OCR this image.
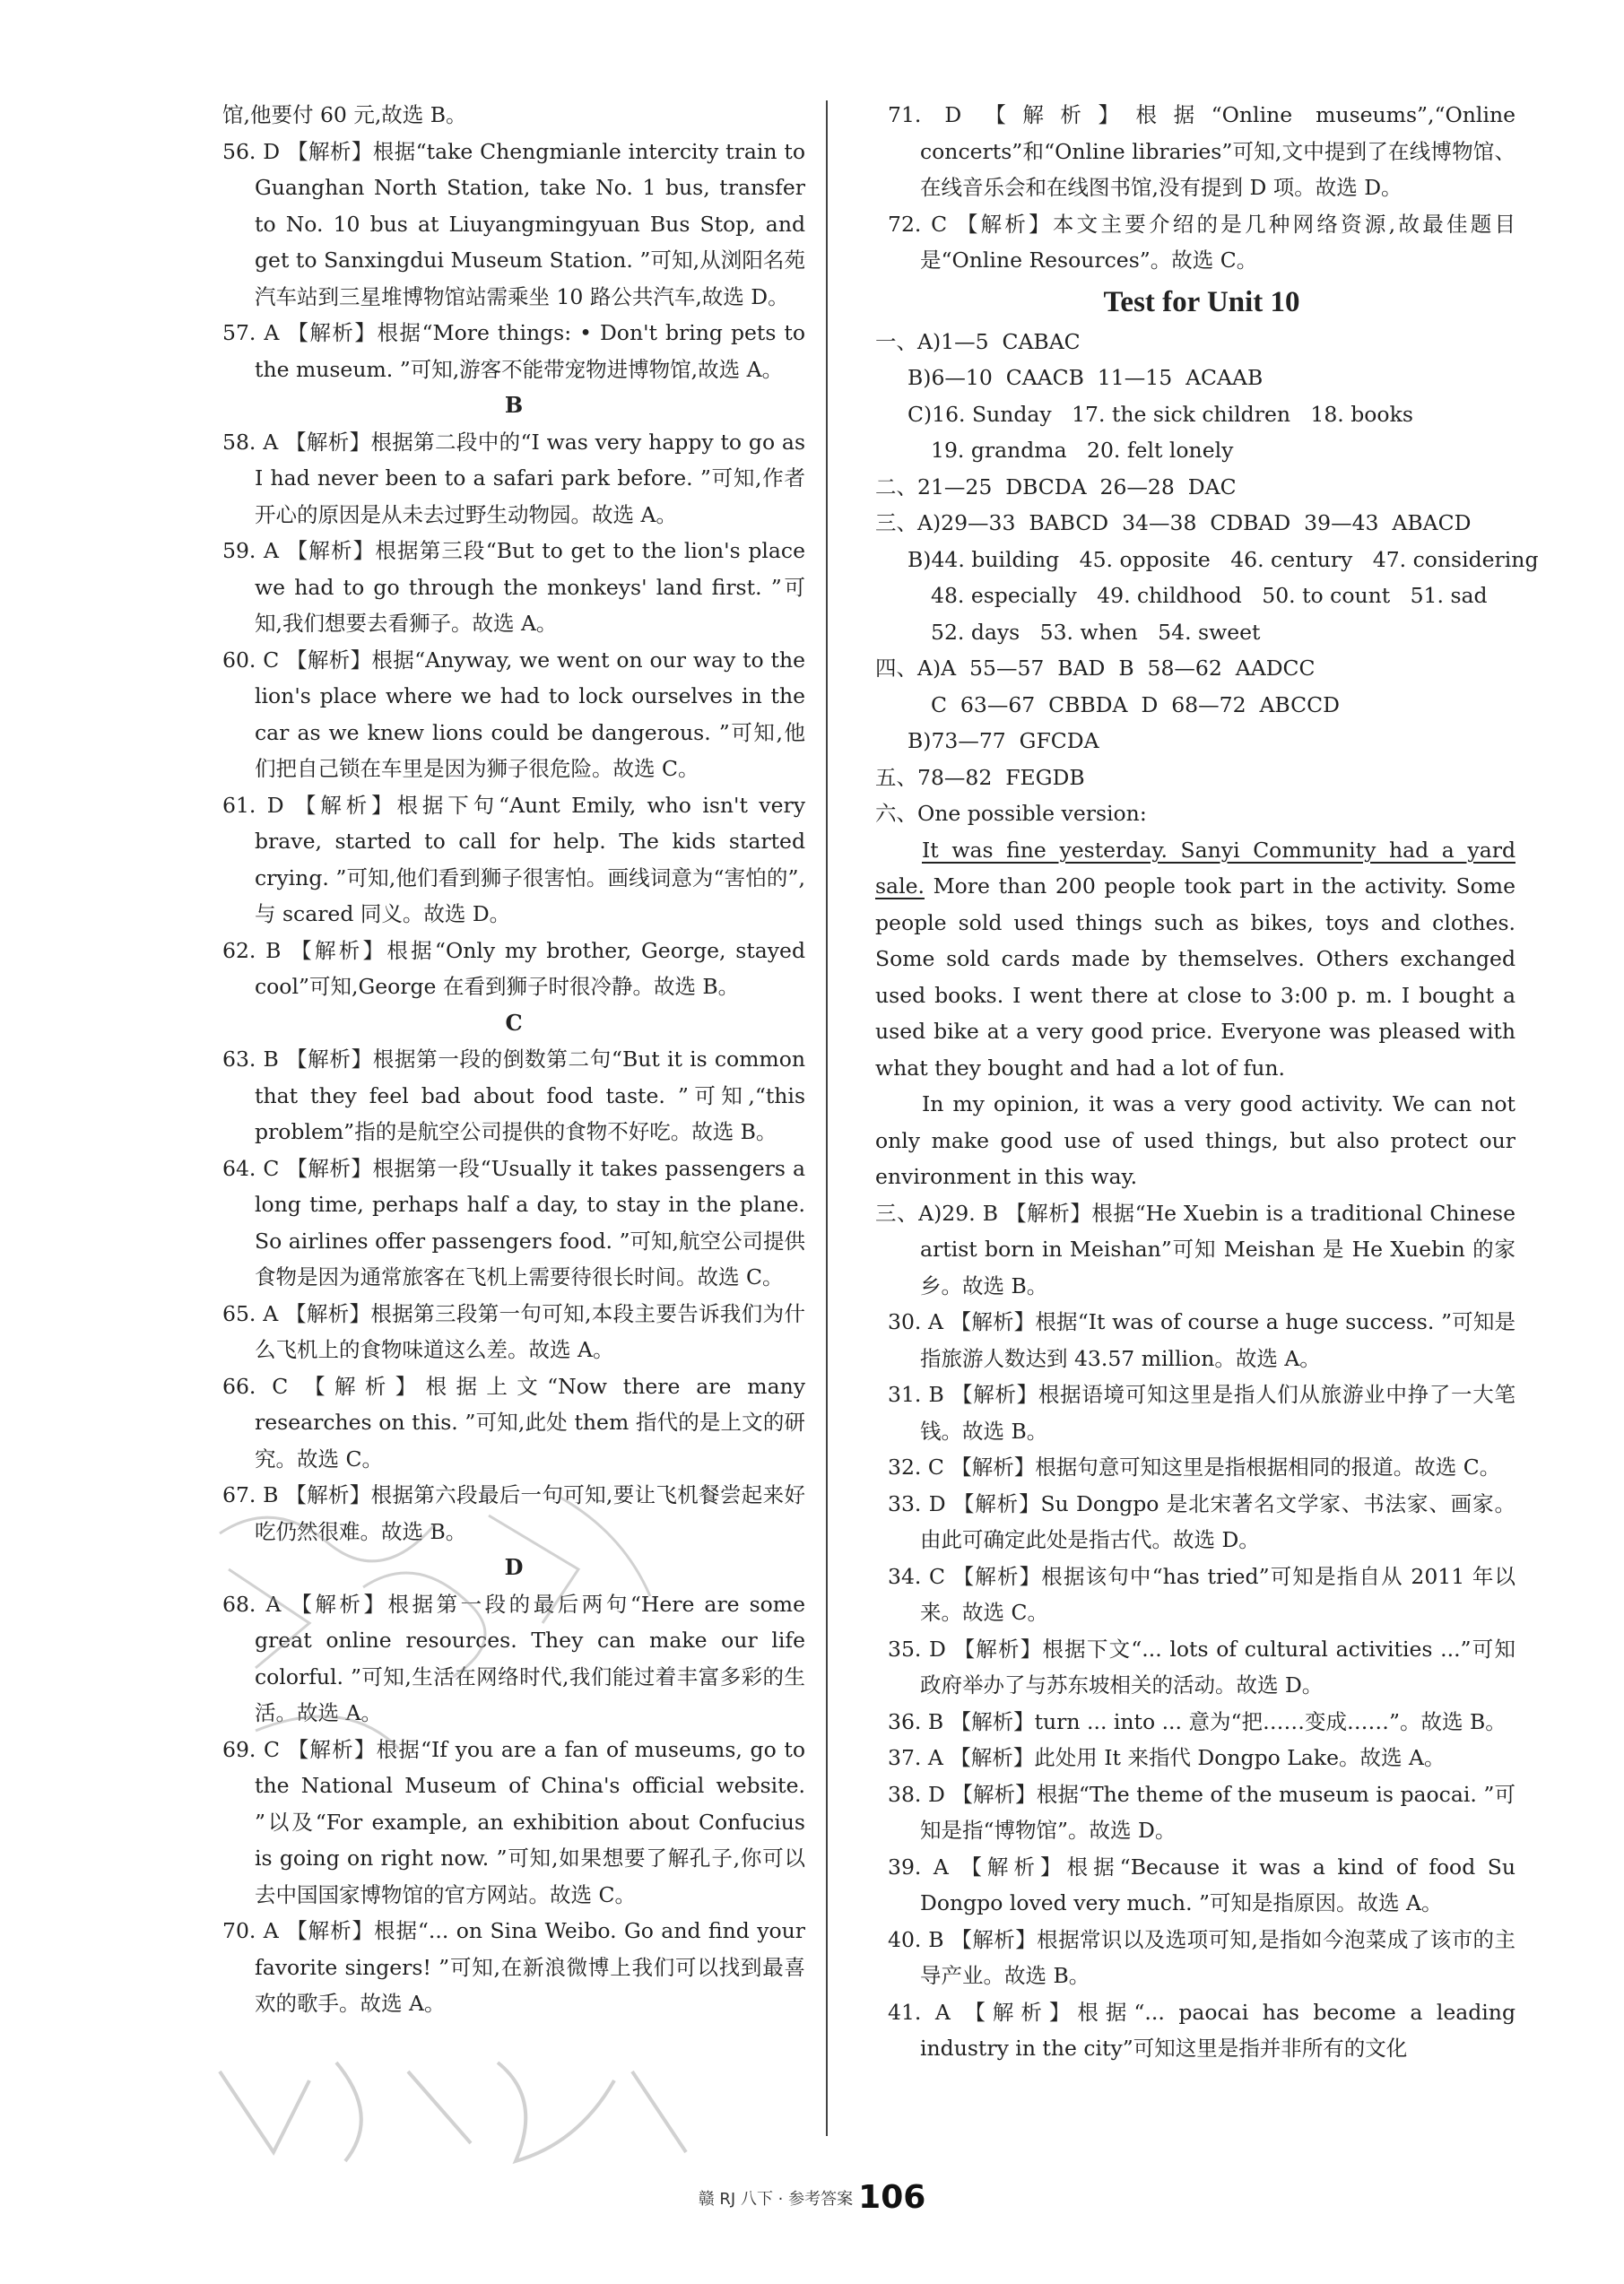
馆,他要付 60 元,故选 B。

56. D 【解析】根据“take Chengmianle intercity train to Guanghan North Station, take No. 1 bus, transfer to No. 10 bus at Liuyangmingyuan Bus Stop, and get to Sanxingdui Museum Station. ”可知,从浏阳名苑汽车站到三星堆博物馆站需乘坐 10 路公共汽车,故选 D。

57. A 【解析】根据“More things: • Don't bring pets to the museum. ”可知,游客不能带宠物进博物馆,故选 A。

B

58. A 【解析】根据第二段中的“I was very happy to go as I had never been to a safari park before. ”可知,作者开心的原因是从未去过野生动物园。故选 A。

59. A 【解析】根据第三段“But to get to the lion's place we had to go through the monkeys' land first. ”可知,我们想要去看狮子。故选 A。

60. C 【解析】根据“Anyway, we went on our way to the lion's place where we had to lock ourselves in the car as we knew lions could be dangerous. ”可知,他们把自己锁在车里是因为狮子很危险。故选 C。

61. D 【解析】根据下句“Aunt Emily, who isn't very brave, started to call for help. The kids started crying. ”可知,他们看到狮子很害怕。画线词意为“害怕的”,与 scared 同义。故选 D。

62. B 【解析】根据“Only my brother, George, stayed cool”可知,George 在看到狮子时很冷静。故选 B。

C

63. B 【解析】根据第一段的倒数第二句“But it is common that they feel bad about food taste. ”可知,“this problem”指的是航空公司提供的食物不好吃。故选 B。

64. C 【解析】根据第一段“Usually it takes passengers a long time, perhaps half a day, to stay in the plane. So airlines offer passengers food. ”可知,航空公司提供食物是因为通常旅客在飞机上需要待很长时间。故选 C。

65. A 【解析】根据第三段第一句可知,本段主要告诉我们为什么飞机上的食物味道这么差。故选 A。

66. C 【解析】根据上文“Now there are many researches on this. ”可知,此处 them 指代的是上文的研究。故选 C。

67. B 【解析】根据第六段最后一句可知,要让飞机餐尝起来好吃仍然很难。故选 B。

D

68. A 【解析】根据第一段的最后两句“Here are some great online resources. They can make our life colorful. ”可知,生活在网络时代,我们能过着丰富多彩的生活。故选 A。

69. C 【解析】根据“If you are a fan of museums, go to the National Museum of China's official website. ”以及“For example, an exhibition about Confucius is going on right now. ”可知,如果想要了解孔子,你可以去中国国家博物馆的官方网站。故选 C。

70. A 【解析】根据“... on Sina Weibo. Go and find your favorite singers! ”可知,在新浪微博上我们可以找到最喜欢的歌手。故选 A。

71. D 【解析】根据“Online museums”,“Online concerts”和“Online libraries”可知,文中提到了在线博物馆、在线音乐会和在线图书馆,没有提到 D 项。故选 D。

72. C 【解析】本文主要介绍的是几种网络资源,故最佳题目是“Online Resources”。故选 C。

Test for Unit 10

一、A)1—5  CABAC

B)6—10  CAACB  11—15  ACAAB

C)16. Sunday   17. the sick children   18. books

19. grandma   20. felt lonely

二、21—25  DBCDA  26—28  DAC

三、A)29—33  BABCD  34—38  CDBAD  39—43  ABACD

B)44. building   45. opposite   46. century   47. considering

48. especially   49. childhood   50. to count   51. sad

52. days   53. when   54. sweet

四、A)A  55—57  BAD  B  58—62  AADCC

C  63—67  CBBDA  D  68—72  ABCCD

B)73—77  GFCDA

五、78—82  FEGDB

六、One possible version:

It was fine yesterday. Sanyi Community had a yard sale. More than 200 people took part in the activity. Some people sold used things such as bikes, toys and clothes. Some sold cards made by themselves. Others exchanged used books. I went there at close to 3:00 p. m. I bought a used bike at a very good price. Everyone was pleased with what they bought and had a lot of fun.

In my opinion, it was a very good activity. We can not only make good use of used things, but also protect our environment in this way.

三、A)29. B 【解析】根据“He Xuebin is a traditional Chinese artist born in Meishan”可知 Meishan 是 He Xuebin 的家乡。故选 B。

30. A 【解析】根据“It was of course a huge success. ”可知是指旅游人数达到 43.57 million。故选 A。

31. B 【解析】根据语境可知这里是指人们从旅游业中挣了一大笔钱。故选 B。

32. C 【解析】根据句意可知这里是指根据相同的报道。故选 C。

33. D 【解析】Su Dongpo 是北宋著名文学家、书法家、画家。由此可确定此处是指古代。故选 D。

34. C 【解析】根据该句中“has tried”可知是指自从 2011 年以来。故选 C。

35. D 【解析】根据下文“... lots of cultural activities ...”可知政府举办了与苏东坡相关的活动。故选 D。

36. B 【解析】turn ... into ... 意为“把……变成……”。故选 B。

37. A 【解析】此处用 It 来指代 Dongpo Lake。故选 A。

38. D 【解析】根据“The theme of the museum is paocai. ”可知是指“博物馆”。故选 D。

39. A 【解析】根据“Because it was a kind of food Su Dongpo loved very much. ”可知是指原因。故选 A。

40. B 【解析】根据常识以及选项可知,是指如今泡菜成了该市的主导产业。故选 B。

41. A 【解析】根据“... paocai has become a leading industry in the city”可知这里是指并非所有的文化

赣 RJ 八下 · 参考答案 106
